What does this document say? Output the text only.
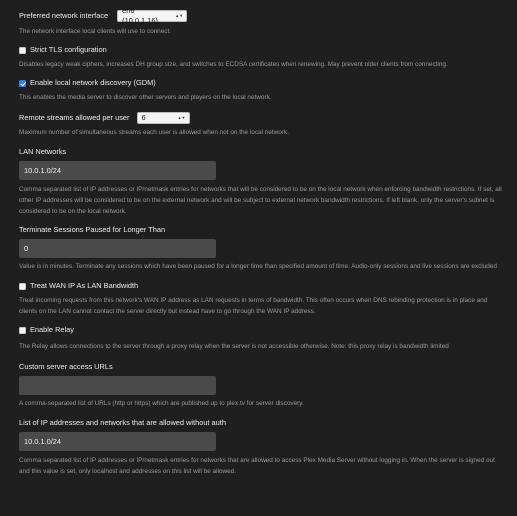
Preferred network interface
en6 (10.0.1.16)
▲▼
The network interface local clients will use to connect.
Strict TLS configuration
Disables legacy weak ciphers, increases DH group size, and switches to ECDSA certificates when renewing. May prevent older clients from connecting.
Enable local network discovery (GDM)
This enables the media server to discover other servers and players on the local network.
Remote streams allowed per user 6	▲▼
Maximum number of simultaneous streams each user is allowed when not on the local network.
LAN Networks
10.0.1.0/24
Comma separated list of IP addresses or IP/netmask entries for networks that will be considered to be on the local network when enforcing bandwidth restrictions. If set, all other IP addresses will be considered to be on the external network and will be subject to external network bandwidth restrictions. If left blank, only the server's subnet is considered to be on the local network.
Terminate Sessions Paused for Longer Than
0
Value is in minutes. Terminate any sessions which have been paused for a longer time than specified amount of time. Audio-only sessions and live sessions are excluded
Treat WAN IP As LAN Bandwidth
Treat incoming requests from this network's WAN IP address as LAN requests in terms of bandwidth. This often occurs when DNS rebinding protection is in place and clients on the LAN cannot contact the server directly but instead have to go through the WAN IP address.
Enable Relay
The Relay allows connections to the server through a proxy relay when the server is not accessible otherwise. Note: this proxy relay is bandwidth limited
Custom server access URLs
A comma-separated list of URLs (http or https) which are published up to plex.tv for server discovery.
List of IP addresses and networks that are allowed without auth
10.0.1.0/24
Comma separated list of IP addresses or IP/netmask entries for networks that are allowed to access Plex Media Server without logging in. When the server is signed out and this value is set, only localhost and addresses on this list will be allowed.
